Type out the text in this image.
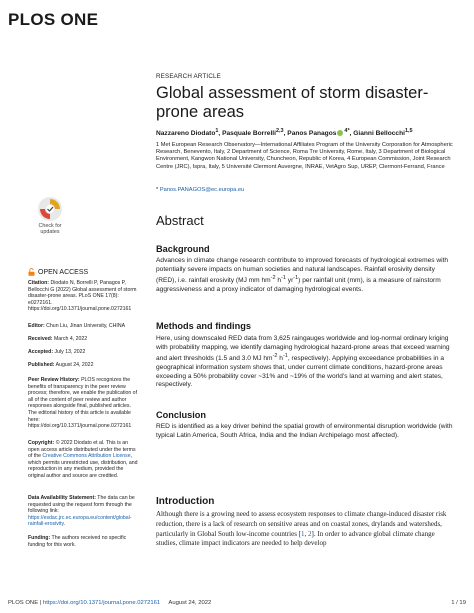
PLOS ONE
Check for updates
OPEN ACCESS
Citation: Diodato N, Borrelli P, Panagos P, Bellocchi G (2022) Global assessment of storm disaster-prone areas. PLoS ONE 17(8): e0272161. https://doi.org/10.1371/journal.pone.0272161
Editor: Chun Liu, Jinan University, CHINA
Received: March 4, 2022
Accepted: July 13, 2022
Published: August 24, 2022
Peer Review History: PLOS recognizes the benefits of transparency in the peer review process; therefore, we enable the publication of all of the content of peer review and author responses alongside final, published articles. The editorial history of this article is available here: https://doi.org/10.1371/journal.pone.0272161
Copyright: © 2022 Diodato et al. This is an open access article distributed under the terms of the Creative Commons Attribution License, which permits unrestricted use, distribution, and reproduction in any medium, provided the original author and source are credited.
Data Availability Statement: The data can be requested using the request form through the following link: https://esdac.jrc.ec.europa.eu/content/global-rainfall-erosivity.
Funding: The authors received no specific funding for this work.
RESEARCH ARTICLE
Global assessment of storm disaster-prone areas
Nazzareno Diodato$^1$, Pasquale Borrelli$^{2,3}$, Panos Panagos $^{4*}$, Gianni Bellocchi$^{1,5}$
1 Met European Research Observatory—International Affiliates Program of the University Corporation for Atmospheric Research, Benevento, Italy, 2 Department of Science, Roma Tre University, Rome, Italy, 3 Department of Biological Environment, Kangwon National University, Chuncheon, Republic of Korea, 4 European Commission, Joint Research Centre (JRC), Ispra, Italy, 5 Université Clermont Auvergne, INRAE, VetAgro Sup, UREP, Clermont-Ferrand, France
* Panos.PANAGOS@ec.europa.eu
Abstract
Background
Advances in climate change research contribute to improved forecasts of hydrological extremes with potentially severe impacts on human societies and natural landscapes. Rainfall erosivity density (RED), i.e. rainfall erosivity (MJ mm $hm^{-2}$ $h^{-1}$ $yr^{-1}$) per rainfall unit (mm), is a measure of rainstorm aggressiveness and a proxy indicator of damaging hydrological events.
Methods and findings
Here, using downscaled RED data from 3,625 raingauges worldwide and log-normal ordinary kriging with probability mapping, we identify damaging hydrological hazard-prone areas that exceed warning and alert thresholds (1.5 and 3.0 MJ $hm^{-2}$ $h^{-1}$, respectively). Applying exceedance probabilities in a geographical information system shows that, under current climate conditions, hazard-prone areas exceeding a 50% probability cover ~31% and ~19% of the world’s land at warning and alert states, respectively.
Conclusion
RED is identified as a key driver behind the spatial growth of environmental disruption worldwide (with typical Latin America, South Africa, India and the Indian Archipelago most affected).
Introduction
Although there is a growing need to assess ecosystem responses to climate change-induced disaster risk reduction, there is a lack of research on sensitive areas and on coastal zones, drylands and watersheds, particularly in Global South low-income countries [1, 2]. In order to advance global climate change studies, climate impact indicators are needed to help develop
PLOS ONE | https://doi.org/10.1371/journal.pone.0272161 August 24, 2022	1 / 19
